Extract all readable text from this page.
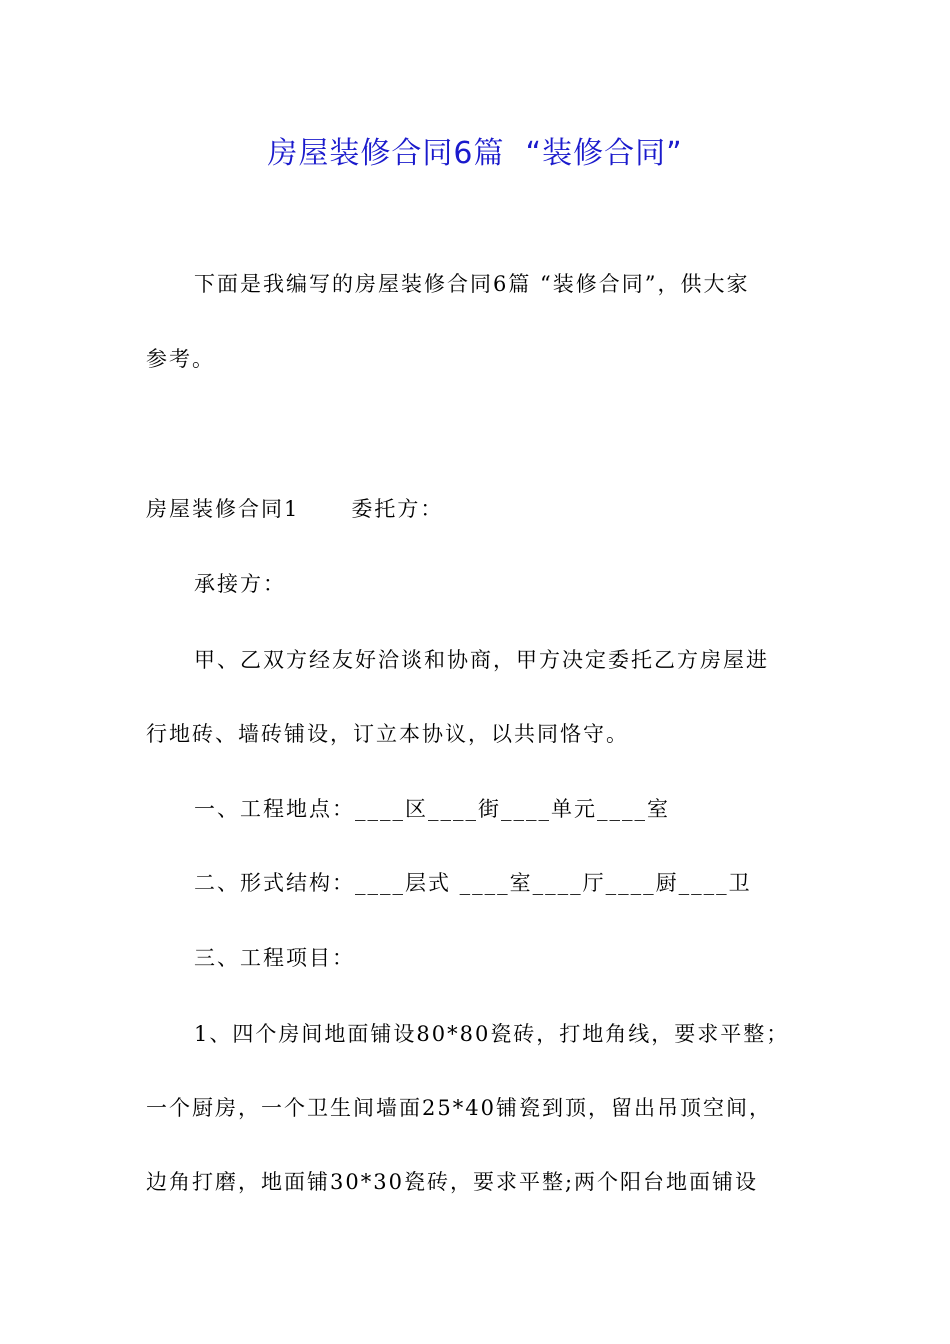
房屋装修合同6篇  “装修合同”
下面是我编写的房屋装修合同6篇 “装修合同”，供大家
参考。
房屋装修合同1      委托方：
承接方：
甲、乙双方经友好洽谈和协商，甲方决定委托乙方房屋进
行地砖、墙砖铺设，订立本协议，以共同恪守。
一、工程地点：____区____街____单元____室
二、形式结构：____层式 ____室____厅____厨____卫
三、工程项目：
1、四个房间地面铺设80*80瓷砖，打地角线，要求平整；
一个厨房，一个卫生间墙面25*40铺瓷到顶，留出吊顶空间，
边角打磨，地面铺30*30瓷砖，要求平整;两个阳台地面铺设
